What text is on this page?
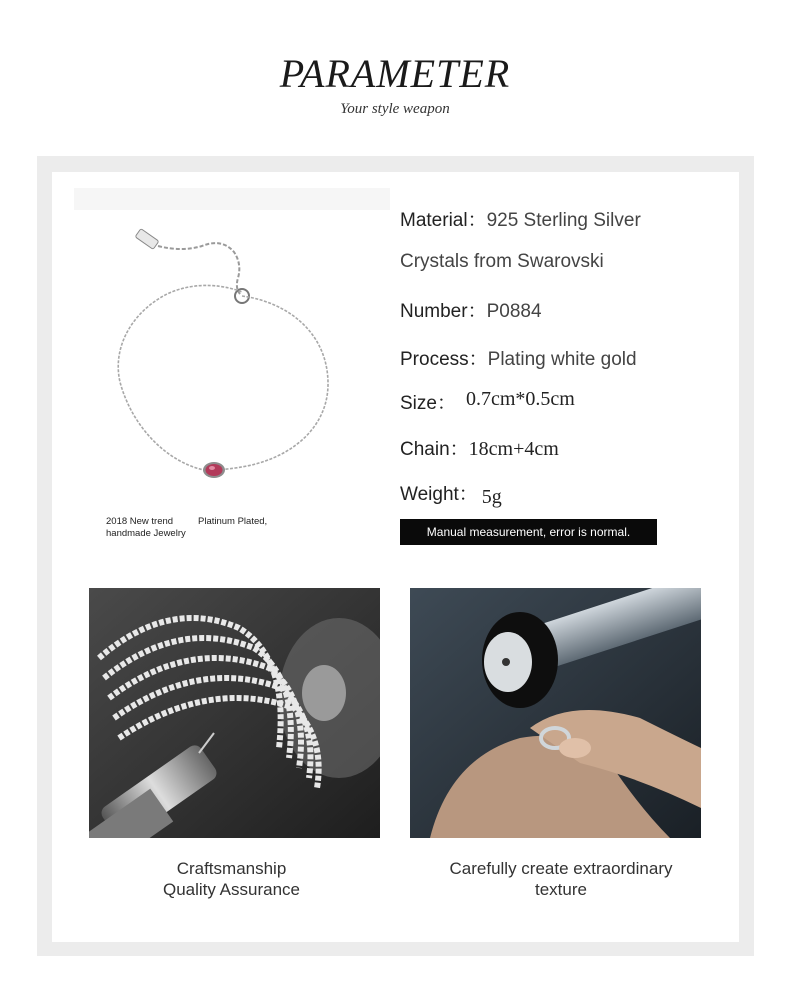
PARAMETER
Your style weapon
2018 New trend
handmade Jewelry
Platinum Plated,
Material：925 Sterling Silver
Crystals from Swarovski
Number：P0884
Process：Plating white gold
Size： 0.7cm*0.5cm
Chain：18cm+4cm
Weight： 5g
Manual measurement, error is normal.
Craftsmanship
Quality Assurance
Carefully create extraordinary
texture
